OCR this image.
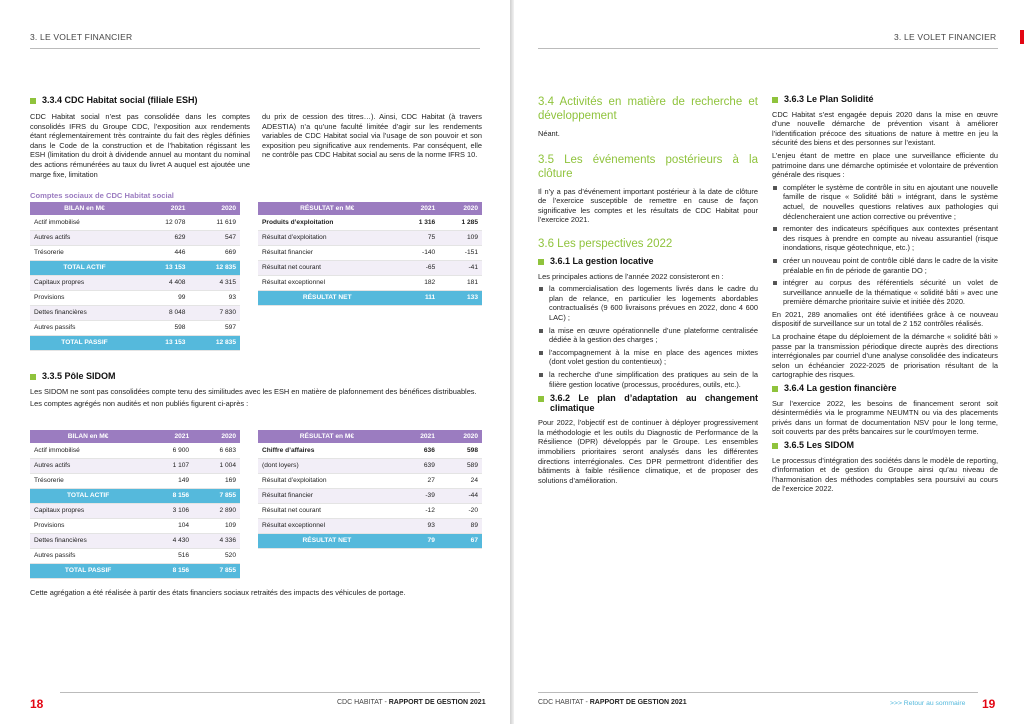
3. LE VOLET FINANCIER
3.3.4 CDC Habitat social (filiale ESH)

CDC Habitat social n’est pas consolidée dans les comptes consolidés IFRS du Groupe CDC, l’exposition aux rendements étant réglementairement très contrainte du fait des règles définies dans le Code de la construction et de l’habitation régissant les ESH (limitation du droit à dividende annuel au montant du nominal des actions rémunérées au taux du livret A auquel est ajoutée une marge fixe, limitation

du prix de cession des titres…). Ainsi, CDC Habitat (à travers ADESTIA) n’a qu’une faculté limitée d’agir sur les rendements variables de CDC Habitat social via l’usage de son pouvoir et son exposition peu significative aux rendements. Par conséquent, elle ne contrôle pas CDC Habitat social au sens de la norme IFRS 10.

Comptes sociaux de CDC Habitat social
BILAN en M€	2021	2020
Actif immobilisé	12 078	11 619
Autres actifs	629	547
Trésorerie	446	669
TOTAL ACTIF	13 153	12 835
Capitaux propres	4 408	4 315
Provisions	99	93
Dettes financières	8 048	7 830
Autres passifs	598	597
TOTAL PASSIF	13 153	12 835
RÉSULTAT en M€	2021	2020
Produits d’exploitation	1 316	1 285
Résultat d’exploitation	75	109
Résultat financier	-140	-151
Résultat net courant	-65	-41
Résultat exceptionnel	182	181
RÉSULTAT NET	111	133
3.3.5 Pôle SIDOM

Les SIDOM ne sont pas consolidées compte tenu des similitudes avec les ESH en matière de plafonnement des bénéfices distribuables.

Les comptes agrégés non audités et non publiés figurent ci-après :

BILAN en M€	2021	2020
Actif immobilisé	6 900	6 683
Autres actifs	1 107	1 004
Trésorerie	149	169
TOTAL ACTIF	8 156	7 855
Capitaux propres	3 106	2 890
Provisions	104	109
Dettes financières	4 430	4 336
Autres passifs	516	520
TOTAL PASSIF	8 156	7 855
RÉSULTAT en M€	2021	2020
Chiffre d’affaires	636	598
(dont loyers)	639	589
Résultat d’exploitation	27	24
Résultat financier	-39	-44
Résultat net courant	-12	-20
Résultat exceptionnel	93	89
RÉSULTAT NET	79	67

Cette agrégation a été réalisée à partir des états financiers sociaux retraités des impacts des véhicules de portage.

18	CDC HABITAT - RAPPORT DE GESTION 2021
3. LE VOLET FINANCIER
3.4 Activités en matière de recherche et développement

Néant.

3.5 Les événements postérieurs à la clôture

Il n’y a pas d’événement important postérieur à la date de clôture de l’exercice susceptible de remettre en cause de façon significative les comptes et les résultats de CDC Habitat pour l’exercice 2021.

3.6 Les perspectives 2022
3.6.1 La gestion locative

Les principales actions de l’année 2022 consisteront en :

la commercialisation des logements livrés dans le cadre du plan de relance, en particulier les logements abordables contractualisés (9 600 livraisons prévues en 2022, donc 4 600 LAC) ;
la mise en œuvre opérationnelle d’une plateforme centralisée dédiée à la gestion des charges ;
l’accompagnement à la mise en place des agences mixtes (dont volet gestion du contentieux) ;
la recherche d’une simplification des pratiques au sein de la filière gestion locative (processus, procédures, outils, etc.).
3.6.2 Le plan d’adaptation au changement climatique

Pour 2022, l’objectif est de continuer à déployer progressivement la méthodologie et les outils du Diagnostic de Performance de la Résilience (DPR) développés par le Groupe. Les ensembles immobiliers prioritaires seront analysés dans les différentes directions interrégionales. Ces DPR permettront d’identifier des bâtiments à faible résilience climatique, et de proposer des solutions d’amélioration.

3.6.3 Le Plan Solidité

CDC Habitat s’est engagée depuis 2020 dans la mise en œuvre d’une nouvelle démarche de prévention visant à améliorer l’identification précoce des situations de nature à mettre en jeu la sécurité des biens et des personnes sur l’existant.

L’enjeu étant de mettre en place une surveillance efficiente du patrimoine dans une démarche optimisée et volontaire de prévention générale des risques :

compléter le système de contrôle in situ en ajoutant une nouvelle famille de risque « Solidité bâti » intégrant, dans le système actuel, de nouvelles questions relatives aux pathologies qui déclencheraient une action corrective ou préventive ;
remonter des indicateurs spécifiques aux contextes présentant des risques à prendre en compte au niveau assurantiel (risque inondations, risque géotechnique, etc.) ;
créer un nouveau point de contrôle ciblé dans le cadre de la visite préalable en fin de période de garantie DO ;
intégrer au corpus des référentiels sécurité un volet de surveillance annuelle de la thématique « solidité bâti » avec une première démarche prioritaire suivie et initiée dès 2020.

En 2021, 289 anomalies ont été identifiées grâce à ce nouveau dispositif de surveillance sur un total de 2 152 contrôles réalisés.

La prochaine étape du déploiement de la démarche « solidité bâti » passe par la transmission périodique directe auprès des directions interrégionales par courriel d’une analyse consolidée des indicateurs selon un échéancier 2022-2025 de priorisation résultant de la cartographie des risques.

3.6.4 La gestion financière

Sur l’exercice 2022, les besoins de financement seront soit désintermédiés via le programme NEUMTN ou via des placements privés dans un format de documentation NSV pour le long terme, soit couverts par des prêts bancaires sur le court/moyen terme.

3.6.5 Les SIDOM

Le processus d’intégration des sociétés dans le modèle de reporting, d’information et de gestion du Groupe ainsi qu’au niveau de l’harmonisation des méthodes comptables sera poursuivi au cours de l’exercice 2022.

CDC HABITAT - RAPPORT DE GESTION 2021	>>> Retour au sommaire 19
